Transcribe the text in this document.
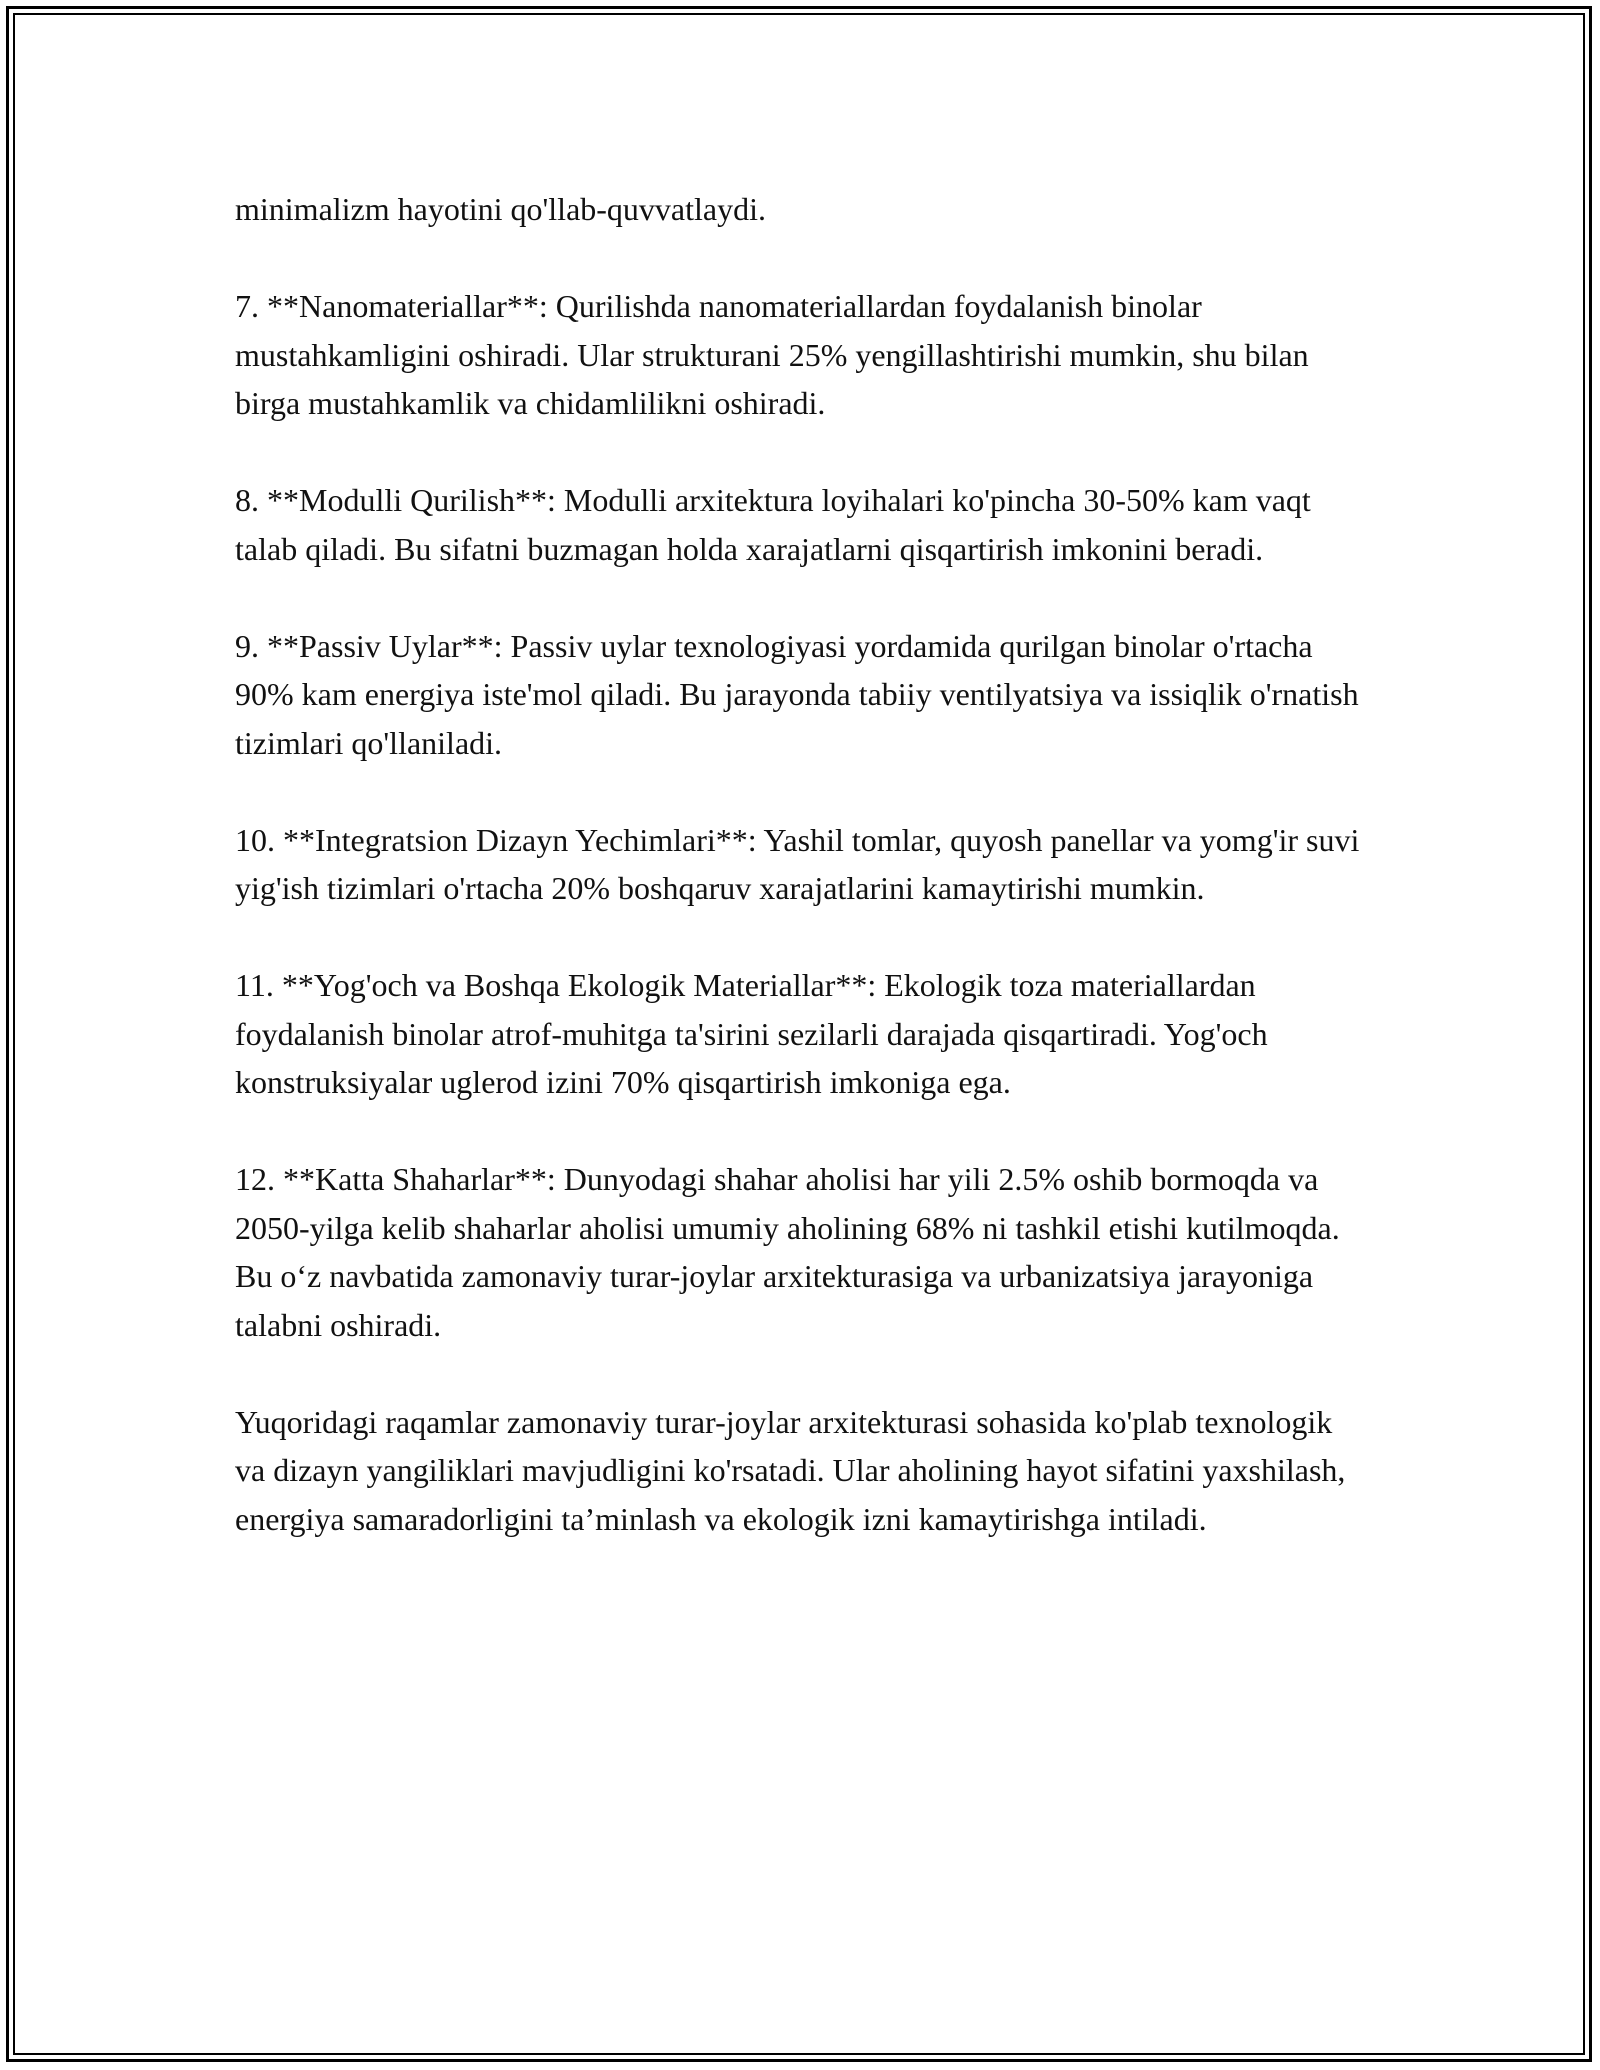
minimalizm hayotini qo'llab-quvvatlaydi.

7. **Nanomateriallar**: Qurilishda nanomateriallardan foydalanish binolar mustahkamligini oshiradi. Ular strukturani 25% yengillashtirishi mumkin, shu bilan birga mustahkamlik va chidamlilikni oshiradi.

8. **Modulli Qurilish**: Modulli arxitektura loyihalari ko'pincha 30-50% kam vaqt talab qiladi. Bu sifatni buzmagan holda xarajatlarni qisqartirish imkonini beradi.

9. **Passiv Uylar**: Passiv uylar texnologiyasi yordamida qurilgan binolar o'rtacha 90% kam energiya iste'mol qiladi. Bu jarayonda tabiiy ventilyatsiya va issiqlik o'rnatish tizimlari qo'llaniladi.

10. **Integratsion Dizayn Yechimlari**: Yashil tomlar, quyosh panellar va yomg'ir suvi yig'ish tizimlari o'rtacha 20% boshqaruv xarajatlarini kamaytirishi mumkin.

11. **Yog'och va Boshqa Ekologik Materiallar**: Ekologik toza materiallardan foydalanish binolar atrof-muhitga ta'sirini sezilarli darajada qisqartiradi. Yog'och konstruksiyalar uglerod izini 70% qisqartirish imkoniga ega.

12. **Katta Shaharlar**: Dunyodagi shahar aholisi har yili 2.5% oshib bormoqda va 2050-yilga kelib shaharlar aholisi umumiy aholining 68% ni tashkil etishi kutilmoqda. Bu o‘z navbatida zamonaviy turar-joylar arxitekturasiga va urbanizatsiya jarayoniga talabni oshiradi.

Yuqoridagi raqamlar zamonaviy turar-joylar arxitekturasi sohasida ko'plab texnologik va dizayn yangiliklari mavjudligini ko'rsatadi. Ular aholining hayot sifatini yaxshilash, energiya samaradorligini ta’minlash va ekologik izni kamaytirishga intiladi.
